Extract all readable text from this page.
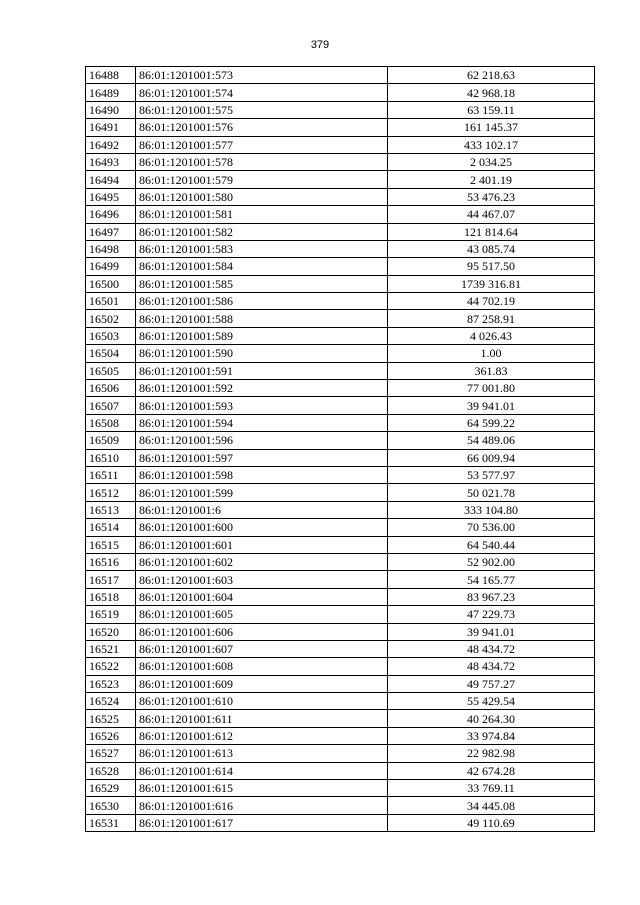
379
16488	86:01:1201001:573	62 218.63
16489	86:01:1201001:574	42 968.18
16490	86:01:1201001:575	63 159.11
16491	86:01:1201001:576	161 145.37
16492	86:01:1201001:577	433 102.17
16493	86:01:1201001:578	2 034.25
16494	86:01:1201001:579	2 401.19
16495	86:01:1201001:580	53 476.23
16496	86:01:1201001:581	44 467.07
16497	86:01:1201001:582	121 814.64
16498	86:01:1201001:583	43 085.74
16499	86:01:1201001:584	95 517.50
16500	86:01:1201001:585	1739 316.81
16501	86:01:1201001:586	44 702.19
16502	86:01:1201001:588	87 258.91
16503	86:01:1201001:589	4 026.43
16504	86:01:1201001:590	1.00
16505	86:01:1201001:591	361.83
16506	86:01:1201001:592	77 001.80
16507	86:01:1201001:593	39 941.01
16508	86:01:1201001:594	64 599.22
16509	86:01:1201001:596	54 489.06
16510	86:01:1201001:597	66 009.94
16511	86:01:1201001:598	53 577.97
16512	86:01:1201001:599	50 021.78
16513	86:01:1201001:6	333 104.80
16514	86:01:1201001:600	70 536.00
16515	86:01:1201001:601	64 540.44
16516	86:01:1201001:602	52 902.00
16517	86:01:1201001:603	54 165.77
16518	86:01:1201001:604	83 967.23
16519	86:01:1201001:605	47 229.73
16520	86:01:1201001:606	39 941.01
16521	86:01:1201001:607	48 434.72
16522	86:01:1201001:608	48 434.72
16523	86:01:1201001:609	49 757.27
16524	86:01:1201001:610	55 429.54
16525	86:01:1201001:611	40 264.30
16526	86:01:1201001:612	33 974.84
16527	86:01:1201001:613	22 982.98
16528	86:01:1201001:614	42 674.28
16529	86:01:1201001:615	33 769.11
16530	86:01:1201001:616	34 445.08
16531	86:01:1201001:617	49 110.69
